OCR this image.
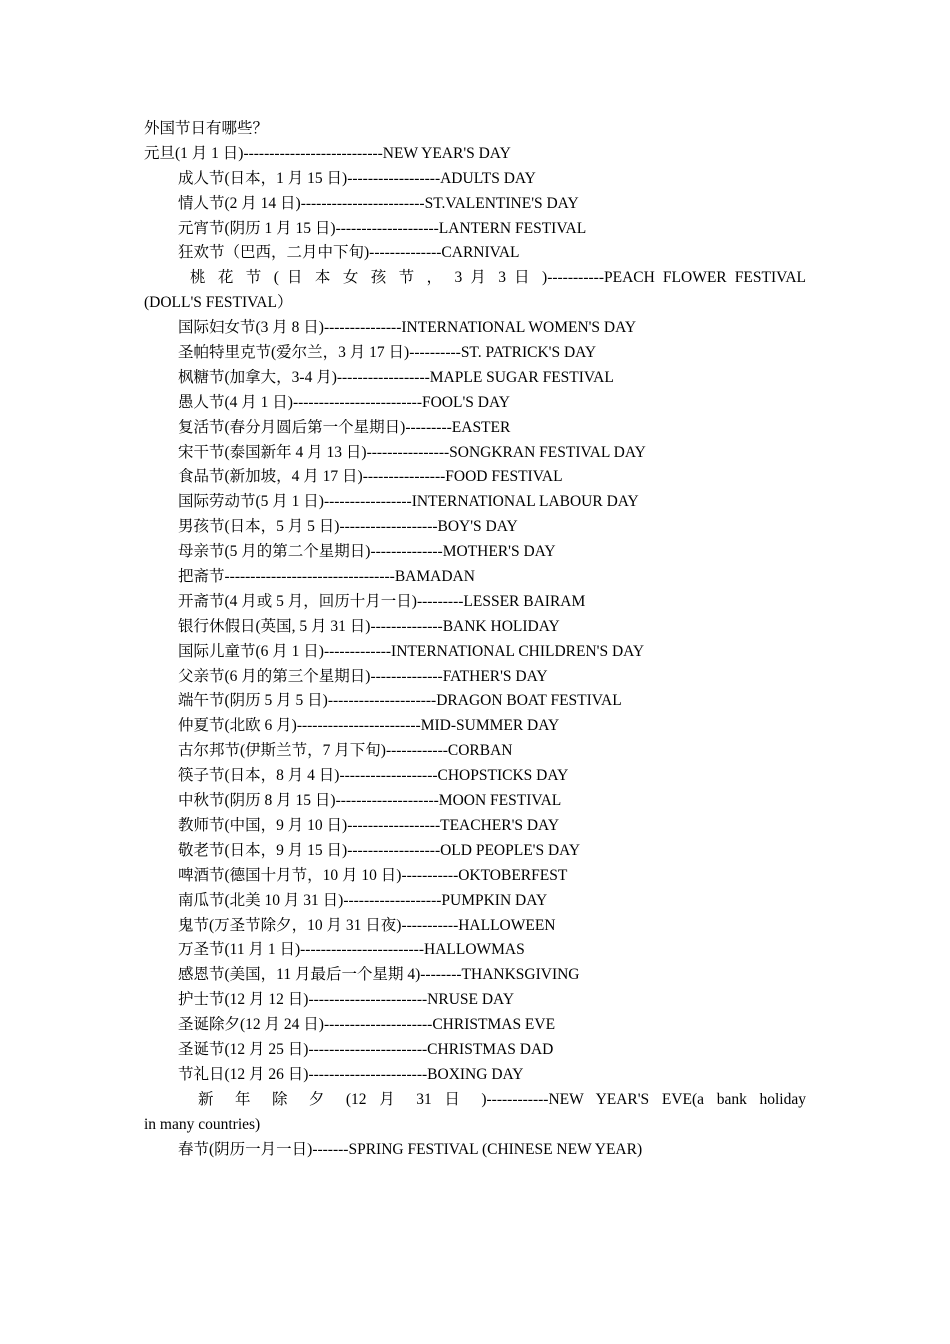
外国节日有哪些？
元旦(1 月 1 日)---------------------------NEW YEAR'S DAY
成人节(日本，1 月 15 日)------------------ADULTS DAY
情人节(2 月 14 日)------------------------ST.VALENTINE'S DAY
元宵节(阴历 1 月 15 日)--------------------LANTERN FESTIVAL
狂欢节（巴西，二月中下旬)--------------CARNIVAL
桃 花 节 ( 日 本 女 孩 节 ， 3 月 3 日 )-----------PEACH FLOWER FESTIVAL
(DOLL'S FESTIVAL）
国际妇女节(3 月 8 日)---------------INTERNATIONAL WOMEN'S DAY
圣帕特里克节(爱尔兰，3 月 17 日)----------ST. PATRICK'S DAY
枫糖节(加拿大，3-4 月)------------------MAPLE SUGAR FESTIVAL
愚人节(4 月 1 日)-------------------------FOOL'S DAY
复活节(春分月圆后第一个星期日)---------EASTER
宋干节(泰国新年 4 月 13 日)----------------SONGKRAN FESTIVAL DAY
食品节(新加坡，4 月 17 日)----------------FOOD FESTIVAL
国际劳动节(5 月 1 日)-----------------INTERNATIONAL LABOUR DAY
男孩节(日本，5 月 5 日)-------------------BOY'S DAY
母亲节(5 月的第二个星期日)--------------MOTHER'S DAY
把斋节---------------------------------BAMADAN
开斋节(4 月或 5 月，回历十月一日)---------LESSER BAIRAM
银行休假日(英国, 5 月 31 日)--------------BANK HOLIDAY
国际儿童节(6 月 1 日)-------------INTERNATIONAL CHILDREN'S DAY
父亲节(6 月的第三个星期日)--------------FATHER'S DAY
端午节(阴历 5 月 5 日)---------------------DRAGON BOAT FESTIVAL
仲夏节(北欧 6 月)------------------------MID-SUMMER DAY
古尔邦节(伊斯兰节，7 月下旬)------------CORBAN
筷子节(日本，8 月 4 日)-------------------CHOPSTICKS DAY
中秋节(阴历 8 月 15 日)--------------------MOON FESTIVAL
教师节(中国，9 月 10 日)------------------TEACHER'S DAY
敬老节(日本，9 月 15 日)------------------OLD PEOPLE'S DAY
啤酒节(德国十月节，10 月 10 日)-----------OKTOBERFEST
南瓜节(北美 10 月 31 日)-------------------PUMPKIN DAY
鬼节(万圣节除夕，10 月 31 日夜)-----------HALLOWEEN
万圣节(11 月 1 日)------------------------HALLOWMAS
感恩节(美国，11 月最后一个星期 4)--------THANKSGIVING
护士节(12 月 12 日)-----------------------NRUSE DAY
圣诞除夕(12 月 24 日)---------------------CHRISTMAS EVE
圣诞节(12 月 25 日)-----------------------CHRISTMAS DAD
节礼日(12 月 26 日)-----------------------BOXING DAY
新 年 除 夕 (12 月 31 日 )------------NEW YEAR'S EVE(a bank holiday
in many countries)
春节(阴历一月一日)-------SPRING FESTIVAL (CHINESE NEW YEAR)
